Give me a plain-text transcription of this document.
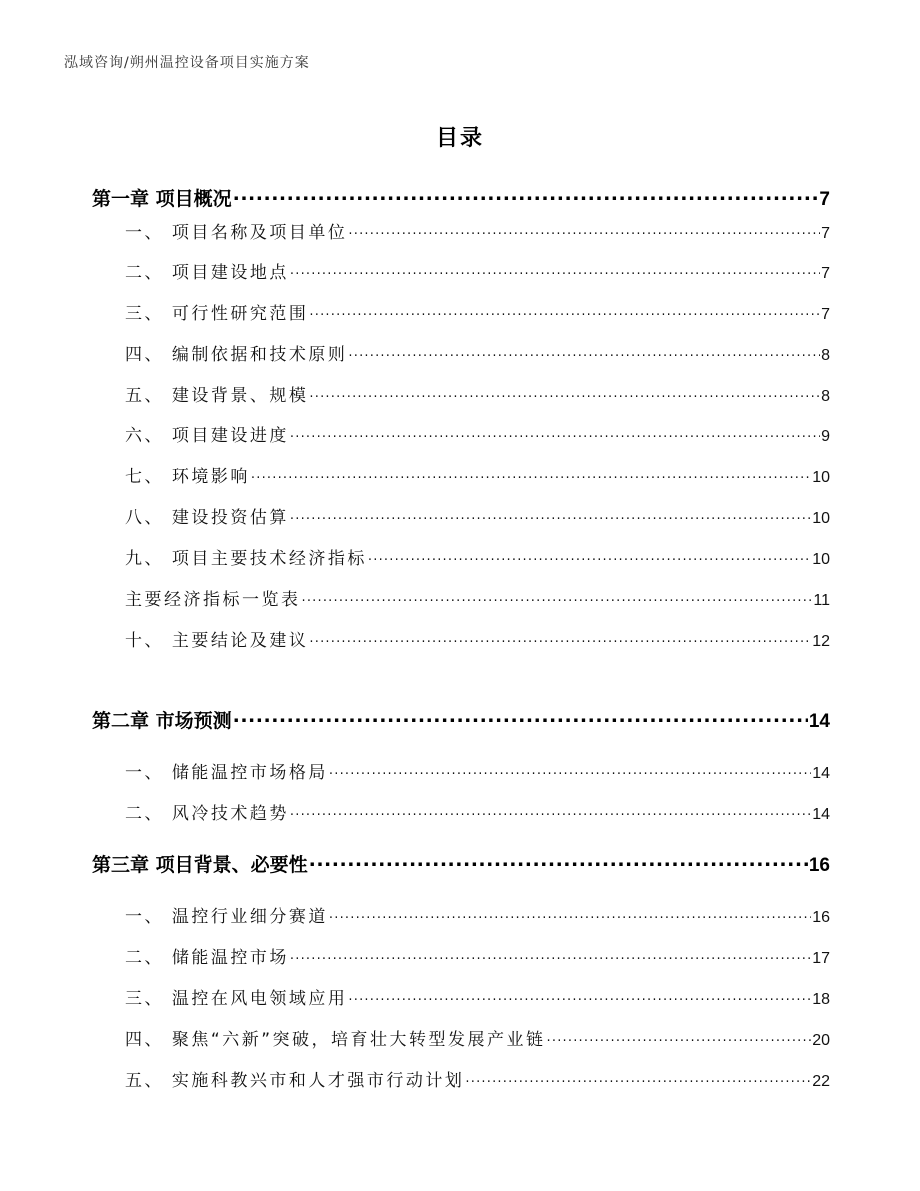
泓域咨询/朔州温控设备项目实施方案
目录
第一章 项目概况 .....	7
一、 项目名称及项目单位 .....	7
二、 项目建设地点 .....	7
三、 可行性研究范围 .....	7
四、 编制依据和技术原则 .....	8
五、 建设背景、规模 .....	8
六、 项目建设进度 .....	9
七、 环境影响 .....	10
八、 建设投资估算 .....	10
九、 项目主要技术经济指标 .....	10
主要经济指标一览表 .....	11
十、 主要结论及建议 .....	12
第二章 市场预测 .....	14
一、 储能温控市场格局 .....	14
二、 风冷技术趋势 .....	14
第三章 项目背景、必要性 .....	16
一、 温控行业细分赛道 .....	16
二、 储能温控市场 .....	17
三、 温控在风电领域应用 .....	18
四、 聚焦“六新”突破，培育壮大转型发展产业链 .....	20
五、 实施科教兴市和人才强市行动计划 .....	22
